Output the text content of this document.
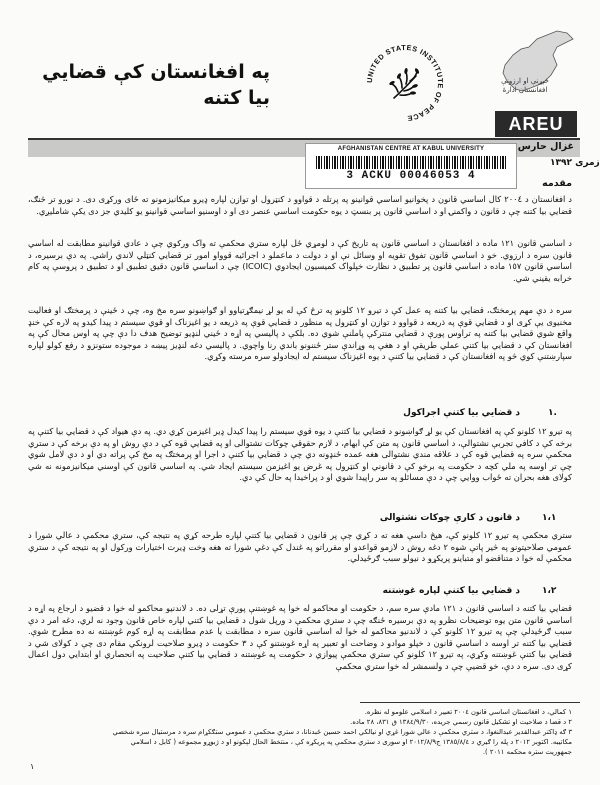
په افغانستان کې قضايي
بيا کتنه
UNITED STATES INSTITUTE OF PEACE
څېړنې او ارزونې افغانستان ادارۀ
AREU
غزال حارس
زمرى ١٣٩٢
AFGHANISTAN CENTRE AT KABUL UNIVERSITY
3 ACKU 00046053 4
مقدمه
د افغانستان د ٢٠٠٤ کال اساسي قانون د پخوانيو اساسي قوانينو په پرتله د قواوو د کنټرول او توازن لپاره ډيرو ميکانيزمونو ته ځاى ورکړى دى. د نورو تر څنګ، قضايي بيا کتنه چې د قانون د واکمنۍ او د اساسي قانون پر بنسټ د يوه حکومت اساسي عنصر دى او د اوسنيو اساسي قوانينو يو کليدي جز دى يکې شامليږي.
د اساسي قانون ١٢١ ماده د افغانستان د اساسي قانون په تاريخ کې د لومړي ځل لپاره ستري محکمې ته واک ورکوي چې د عادي قوانينو مطابقت له اساسي قانون سره د ارزوي. خو د اساسي قانون تفوق تقويه او وسائل نې او د دولت د ماعملو د اجرائيه قوواو امور تر قضايي کنټلي لاندي راشي. په دې برسيره، د اساسي قانون ١٥٧ ماده د اساسي قانون پر تطبيق د نظارت خپلواک کميسيون ايجادوي (ICOIC) چې د اساسي قانون دقيق تطبيق او د تطبيق د پروسې په کام خرابه يقيني شي.
سره د دې مهم پرمختګ، قضايي بيا کتنه په عمل کې د تيرو ١٢ کلونو په ترڅ کې له يو لړ نيمګړتياوو او ګواښونو سره مخ وه، چې د ځينې د پرمختګ او فعاليت مخنيوى يې کړى او د قضايي قوې په ذريعه د قواوو د توازن او کنټرول په منظور د قضايي قوې په ذريعه د يو اغيزناک او قوي سيستم د پيدا کيدو په لاره کې خنډ واقع شوي قضايي بيا کتنه په تراوس پورې د قضايي منترکې پاملنې شوي ده. بلکې د پاليسي په اړه د ځيني لنډيو توضيح هدف دا دې چې په اوس محال کې په افغانستان کې د قضايي بيا کتنې عملي طريقې او د هغې په وړاندې ستر ځننونو باندي رنا واچوي. د پاليسي دغه لنډيز پيښه د موجوده ستونزو د رفع کولو لپاره سپارښتنې کوي څو په افغانستان کې د قضايي بيا کتنې د يوه اغيزناک سيستم له ايجادولو سره مرسته وکړي.
١.
د قضايي بيا کتنې اجراکول
په تيرو ١٢ کلونو کې په افغانستان کې يو لړ ګواښونو د قضايي بيا کتنې د يوه قوي سيستم را پيدا کيدل ډير اغيزمن کړي دي. په دې هيواد کې د قضايي بيا کتنې په برخه کې د کافي تجربې نشتوالې، د اساسي قانون په متن کې ابهام، د لازم حقوقي چوکات نشتوالى او په قضايي قوه کې د دې روش او په دې برخه کې د ستري محکمې سره په قضايي قوه کې د علاقه مندي نشتوالى هغه عمده ځنډونه دي چې د قضايي بيا کتنې د اجرا او پرمختګ په مخ کې پراته دي او د دې لامل شوي چې تر اوسه په ملي کچه د حکومت په برخو کې د قانوني او کنټرول په غرض يو اغيزمن سيستم ايجاد شي. په اساسي قانون کې اوسني ميکانيزمونه نه شي کولاى هغه بحران ته ځواب ووايي چې د دې مسائلو په سر راپيدا شوي او د پراخيدا په حال کې دي.
١،١
د قانون د کارې چوکات نشتوالى
ستري محکمې په تيرو ١٢ کلونو کې، هيڅ داسې هغه ته د کړي چې پر قانون د قضايي بيا کتنې لپاره طرحه کړي په نتيجه کې، ستري محکمې د عالي شورا د عمومي صلاحيتونو په څير پاتې شوه ٢ دغه روش د لازمو قواعدو او مقرراتو په غندل کې دغې شورا ته هغه وخت ډيرت اختيارات ورکول او په نتيجه کې د ستري محکمې له خوا د متناقضو او متباينو پريکړو د نيولو سبب ګرځيدلي.
١،٢
د قضايي بيا کتنې لپاره غوښتنه
قضايي بيا کتنه د اساسي قانون د ١٢١ مادې سره سم، د حکومت او محاکمو له خوا په غوښتنې پورې تړلى ده. د لاندنيو محاکمو له خوا د قضيو د ارجاع په اړه د اساسي قانون متن يوه توضيحات نظرو په دې برسيره ځنګه چې د ستري محکمې د ورپل شول د قضايي بيا کتني لپاره خاص قانون وجود نه لري، دغه امر د دې سبب ګرځيدلې چې په تيرو ١٢ کلونو کې د لاندنيو محاکمو له خوا له اساسي قانون سره د مطابقت يا عدم مطابقت په اړه کوم غوښتنه نه ده مطرح شوې. قضايي بيا کتنه تر اوسه د اساسي قانون د خپلو موادو د وضاحت او تعبير په اړه غوښتنو کې د ٣ حکومت د ډيرو صلاحيت لرونکي مقام دى چې د کولاى شي د قضايي بيا کتنې غوښتنه وکړي، په تيرو ١٢ کلونو کې ستري محکمې پيوازي د حکومت په غوښتنه د قضايي بيا کتنې صلاحيت په انحصاري او ابتدايي دول اعمال کړى دى. سره د دې، خو قضيې چې د ولسمشر له خوا ستري محکمې
١ کمالي، د افغانستان اساسي قانون ٢٠٠٤ تعبير د اسلامي علومو له نظره.
٢ د قضا د صلاحيت او تشکيل قانون رسمي جريده، ١٣٨٤/٩/٣٠ ق ٨٣١، ٢٨ ماده.
٣ ګه ډاکتر عبدالقدير عبدالنغوا، د ستري محکمې د عالي شورا غړي او نيالکي احمد حسين ځبدنانا، د ستري محکمې د عمومي ستګکړام سره د مرستيال سره شخصي
مکاتيبه. اکتوبر ٢٠١٢ د پله را ګيري د ١٣٨٥/٨/٤ ج٢٠١٢/٨/٩ او سوری د ستري محکمې په پريکړه کې ، منتخط الحال لېکونو او د ژبوړو مجموعه ( کابل د اسلامي
جمهوريت ستره محکمه ٢٠١١ ).
١
